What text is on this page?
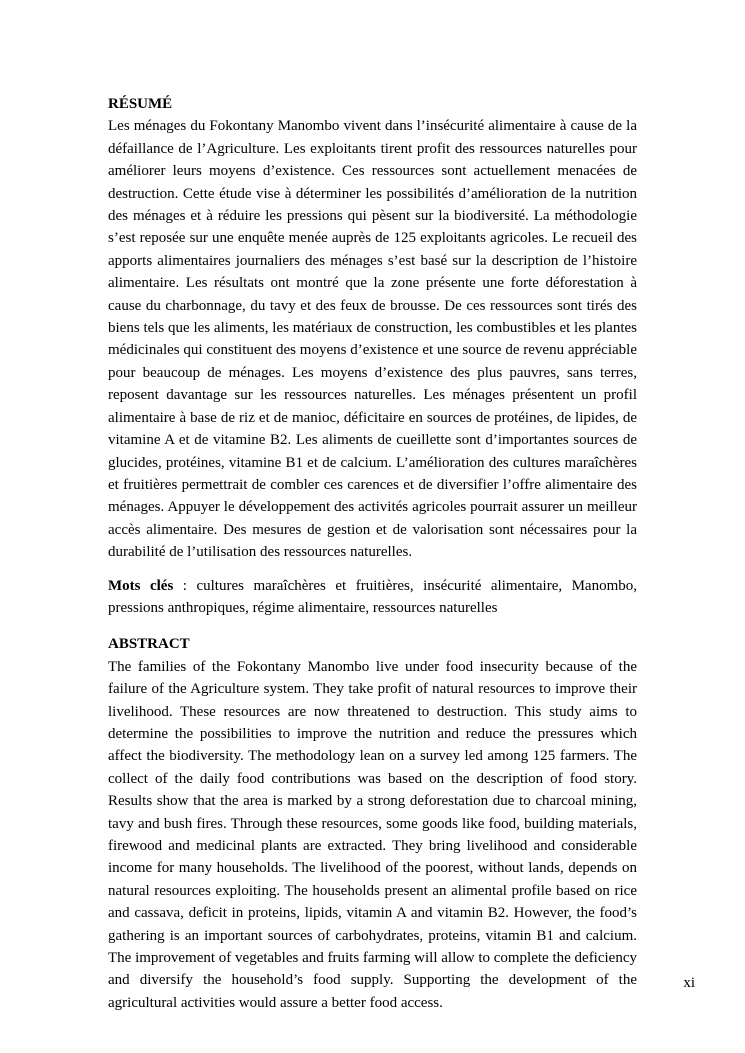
RÉSUMÉ

Les ménages du Fokontany Manombo vivent dans l’insécurité alimentaire à cause de la défaillance de l’Agriculture. Les exploitants tirent profit des ressources naturelles pour améliorer leurs moyens d’existence. Ces ressources sont actuellement menacées de destruction. Cette étude vise à déterminer les possibilités d’amélioration de la nutrition des ménages et à réduire les pressions qui pèsent sur la biodiversité. La méthodologie s’est reposée sur une enquête menée auprès de 125 exploitants agricoles. Le recueil des apports alimentaires journaliers des ménages s’est basé sur la description de l’histoire alimentaire. Les résultats ont montré que la zone présente une forte déforestation à cause du charbonnage, du tavy et des feux de brousse. De ces ressources sont tirés des biens tels que les aliments, les matériaux de construction, les combustibles et les plantes médicinales qui constituent des moyens d’existence et une source de revenu appréciable pour beaucoup de ménages. Les moyens d’existence des plus pauvres, sans terres, reposent davantage sur les ressources naturelles. Les ménages présentent un profil alimentaire à base de riz et de manioc, déficitaire en sources de protéines, de lipides, de vitamine A et de vitamine B2. Les aliments de cueillette sont d’importantes sources de glucides, protéines, vitamine B1 et de calcium. L’amélioration des cultures maraîchères et fruitières permettrait de combler ces carences et de diversifier l’offre alimentaire des ménages. Appuyer le développement des activités agricoles pourrait assurer un meilleur accès alimentaire. Des mesures de gestion et de valorisation sont nécessaires pour la durabilité de l’utilisation des ressources naturelles.

Mots clés : cultures maraîchères et fruitières, insécurité alimentaire, Manombo, pressions anthropiques, régime alimentaire, ressources naturelles

ABSTRACT

The families of the Fokontany Manombo live under food insecurity because of the failure of the Agriculture system. They take profit of natural resources to improve their livelihood. These resources are now threatened to destruction. This study aims to determine the possibilities to improve the nutrition and reduce the pressures which affect the biodiversity. The methodology lean on a survey led among 125 farmers. The collect of the daily food contributions was based on the description of food story. Results show that the area is marked by a strong deforestation due to charcoal mining, tavy and bush fires. Through these resources, some goods like food, building materials, firewood and medicinal plants are extracted. They bring livelihood and considerable income for many households. The livelihood of the poorest, without lands, depends on natural resources exploiting. The households present an alimental profile based on rice and cassava, deficit in proteins, lipids, vitamin A and vitamin B2. However, the food’s gathering is an important sources of carbohydrates, proteins, vitamin B1 and calcium. The improvement of vegetables and fruits farming will allow to complete the deficiency and diversify the household’s food supply. Supporting the development of the agricultural activities would assure a better food access.

xi
